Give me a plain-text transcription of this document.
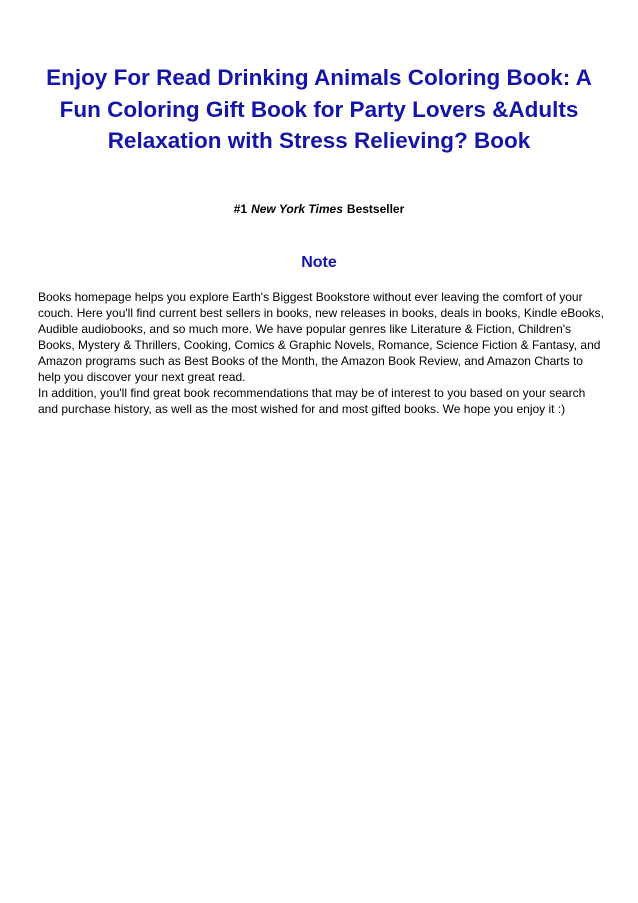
Enjoy For Read Drinking Animals Coloring Book: A Fun Coloring Gift Book for Party Lovers &Adults Relaxation with Stress Relieving? Book
#1 New York Times Bestseller
Note

Books homepage helps you explore Earth's Biggest Bookstore without ever leaving the comfort of your couch. Here you'll find current best sellers in books, new releases in books, deals in books, Kindle eBooks, Audible audiobooks, and so much more. We have popular genres like Literature & Fiction, Children's Books, Mystery & Thrillers, Cooking, Comics & Graphic Novels, Romance, Science Fiction & Fantasy, and Amazon programs such as Best Books of the Month, the Amazon Book Review, and Amazon Charts to help you discover your next great read.

In addition, you'll find great book recommendations that may be of interest to you based on your search and purchase history, as well as the most wished for and most gifted books. We hope you enjoy it :)
